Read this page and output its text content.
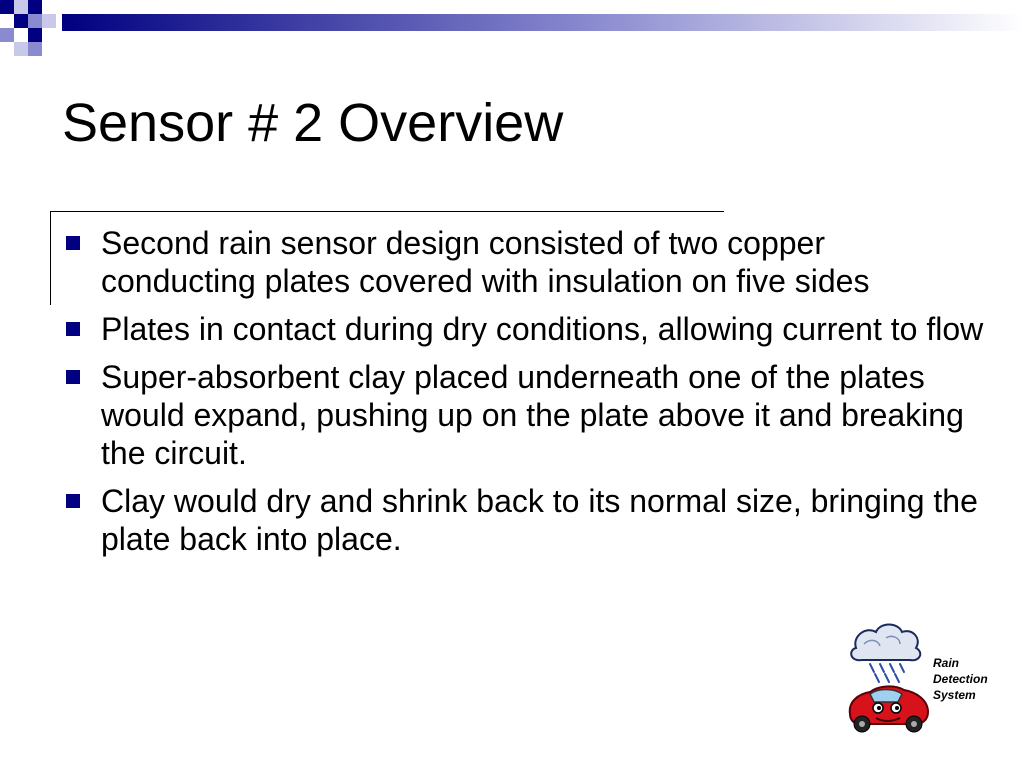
Sensor # 2 Overview
Second rain sensor design consisted of two copper conducting plates covered with insulation on five sides
Plates in contact during dry conditions, allowing current to flow
Super-absorbent clay placed underneath one of the plates would expand, pushing up on the plate above it and breaking the circuit.
Clay would dry and shrink back to its normal size, bringing the plate back into place.
Rain
Detection
System
